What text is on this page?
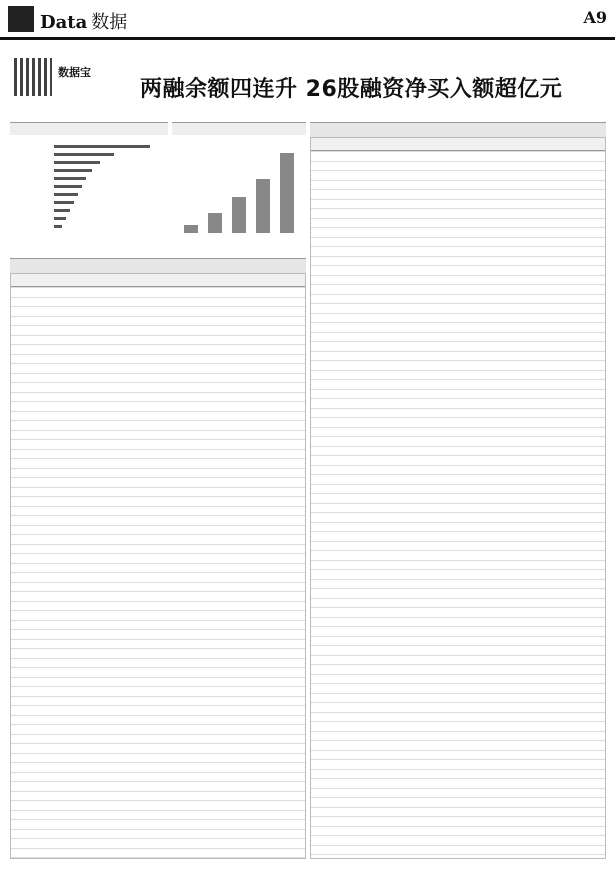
Data 数据	A9
数据宝
两融余额四连升 26股融资净买入额超亿元
